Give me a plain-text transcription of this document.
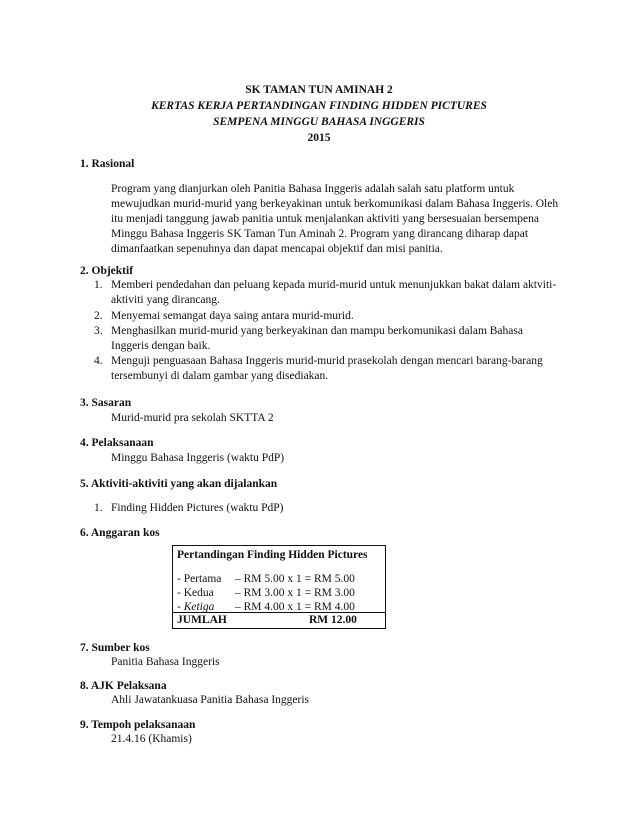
SK TAMAN TUN AMINAH 2
KERTAS KERJA PERTANDINGAN FINDING HIDDEN PICTURES
SEMPENA MINGGU BAHASA INGGERIS
2015
1. Rasional
Program yang dianjurkan oleh Panitia Bahasa Inggeris adalah salah satu platform untuk
mewujudkan murid-murid yang berkeyakinan untuk berkomunikasi dalam Bahasa Inggeris. Oleh
itu menjadi tanggung jawab panitia untuk menjalankan aktiviti yang bersesuaian bersempena
Minggu Bahasa Inggeris SK Taman Tun Aminah 2. Program yang dirancang diharap dapat
dimanfaatkan sepenuhnya dan dapat mencapai objektif dan misi panitia.
2. Objektif
1. Memberi pendedahan dan peluang kepada murid-murid untuk menunjukkan bakat dalam aktviti-
aktiviti yang dirancang.
2. Menyemai semangat daya saing antara murid-murid.
3. Menghasilkan murid-murid yang berkeyakinan dan mampu berkomunikasi dalam Bahasa
Inggeris dengan baik.
4. Menguji penguasaan Bahasa Inggeris murid-murid prasekolah dengan mencari barang-barang
tersembunyi di dalam gambar yang disediakan.
3. Sasaran
Murid-murid pra sekolah SKTTA 2
4. Pelaksanaan
Minggu Bahasa Inggeris (waktu PdP)
5. Aktiviti-aktiviti yang akan dijalankan
1. Finding Hidden Pictures (waktu PdP)
6. Anggaran kos
Pertandingan Finding Hidden Pictures
- Pertama – RM 5.00 x 1 = RM 5.00
- Kedua – RM 3.00 x 1 = RM 3.00
- Ketiga – RM 4.00 x 1 = RM 4.00
JUMLAH	RM 12.00
7. Sumber kos
Panitia Bahasa Inggeris
8. AJK Pelaksana
Ahli Jawatankuasa Panitia Bahasa Inggeris
9. Tempoh pelaksanaan
21.4.16 (Khamis)
